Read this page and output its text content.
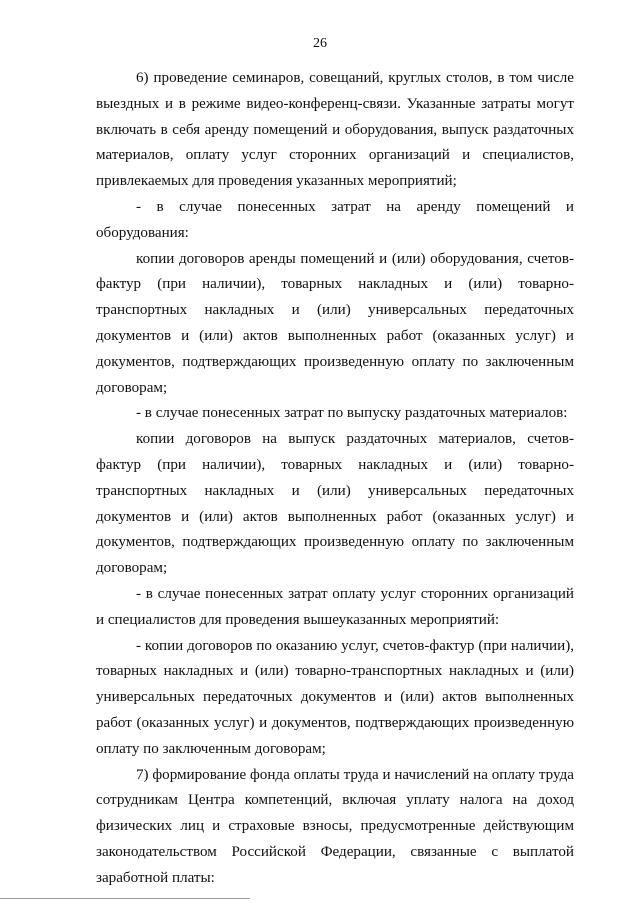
26

6) проведение семинаров, совещаний, круглых столов, в том числе выездных и в режиме видео-конференц-связи. Указанные затраты могут включать в себя аренду помещений и оборудования, выпуск раздаточных материалов, оплату услуг сторонних организаций и специалистов, привлекаемых для проведения указанных мероприятий;

- в случае понесенных затрат на аренду помещений и оборудования:

копии договоров аренды помещений и (или) оборудования, счетов-фактур (при наличии), товарных накладных и (или) товарно-транспортных накладных и (или) универсальных передаточных документов и (или) актов выполненных работ (оказанных услуг) и документов, подтверждающих произведенную оплату по заключенным договорам;

- в случае понесенных затрат по выпуску раздаточных материалов:

копии договоров на выпуск раздаточных материалов, счетов-фактур (при наличии), товарных накладных и (или) товарно-транспортных накладных и (или) универсальных передаточных документов и (или) актов выполненных работ (оказанных услуг) и документов, подтверждающих произведенную оплату по заключенным договорам;

- в случае понесенных затрат оплату услуг сторонних организаций и специалистов для проведения вышеуказанных мероприятий:

- копии договоров по оказанию услуг, счетов-фактур (при наличии), товарных накладных и (или) товарно-транспортных накладных и (или) универсальных передаточных документов и (или) актов выполненных работ (оказанных услуг) и документов, подтверждающих произведенную оплату по заключенным договорам;

7) формирование фонда оплаты труда и начислений на оплату труда сотрудникам Центра компетенций, включая уплату налога на доход физических лиц и страховые взносы, предусмотренные действующим законодательством Российской Федерации, связанные с выплатой заработной платы:
